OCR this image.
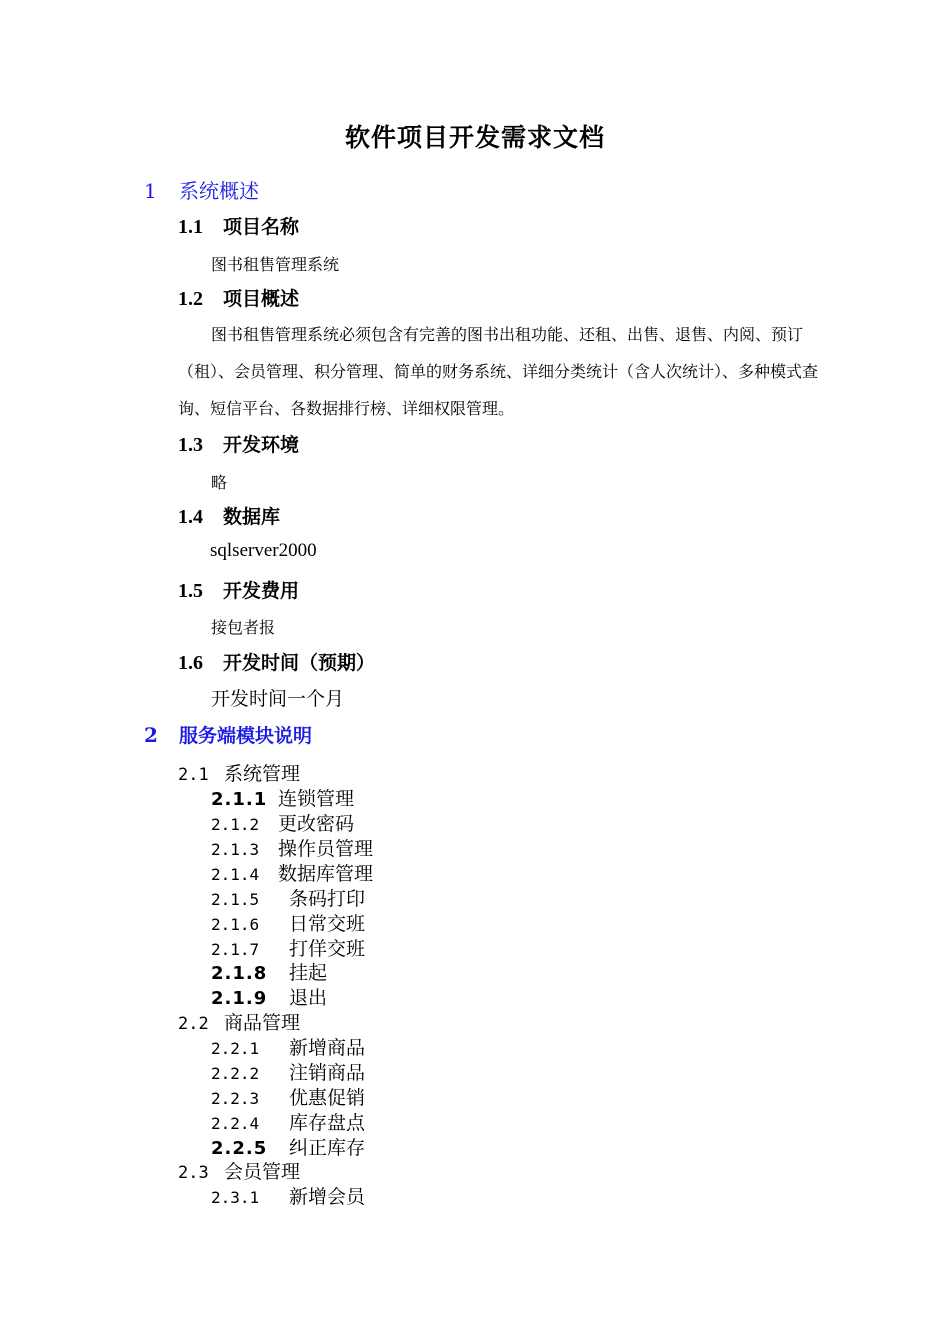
软件项目开发需求文档
1 系统概述
1.1 项目名称
图书租售管理系统
1.2 项目概述
图书租售管理系统必须包含有完善的图书出租功能、还租、出售、退售、内阅、预订（租）、会员管理、积分管理、简单的财务系统、详细分类统计（含人次统计）、多种模式查询、短信平台、各数据排行榜、详细权限管理。
1.3 开发环境
略
1.4 数据库
sqlserver2000
1.5 开发费用
接包者报
1.6 开发时间（预期）
开发时间一个月
2 服务端模块说明
2.1 系统管理
2.1.1 连锁管理
2.1.2 更改密码
2.1.3 操作员管理
2.1.4 数据库管理
2.1.5 条码打印
2.1.6 日常交班
2.1.7 打佯交班
2.1.8 挂起
2.1.9 退出
2.2 商品管理
2.2.1 新增商品
2.2.2 注销商品
2.2.3 优惠促销
2.2.4 库存盘点
2.2.5 纠正库存
2.3 会员管理
2.3.1 新增会员
